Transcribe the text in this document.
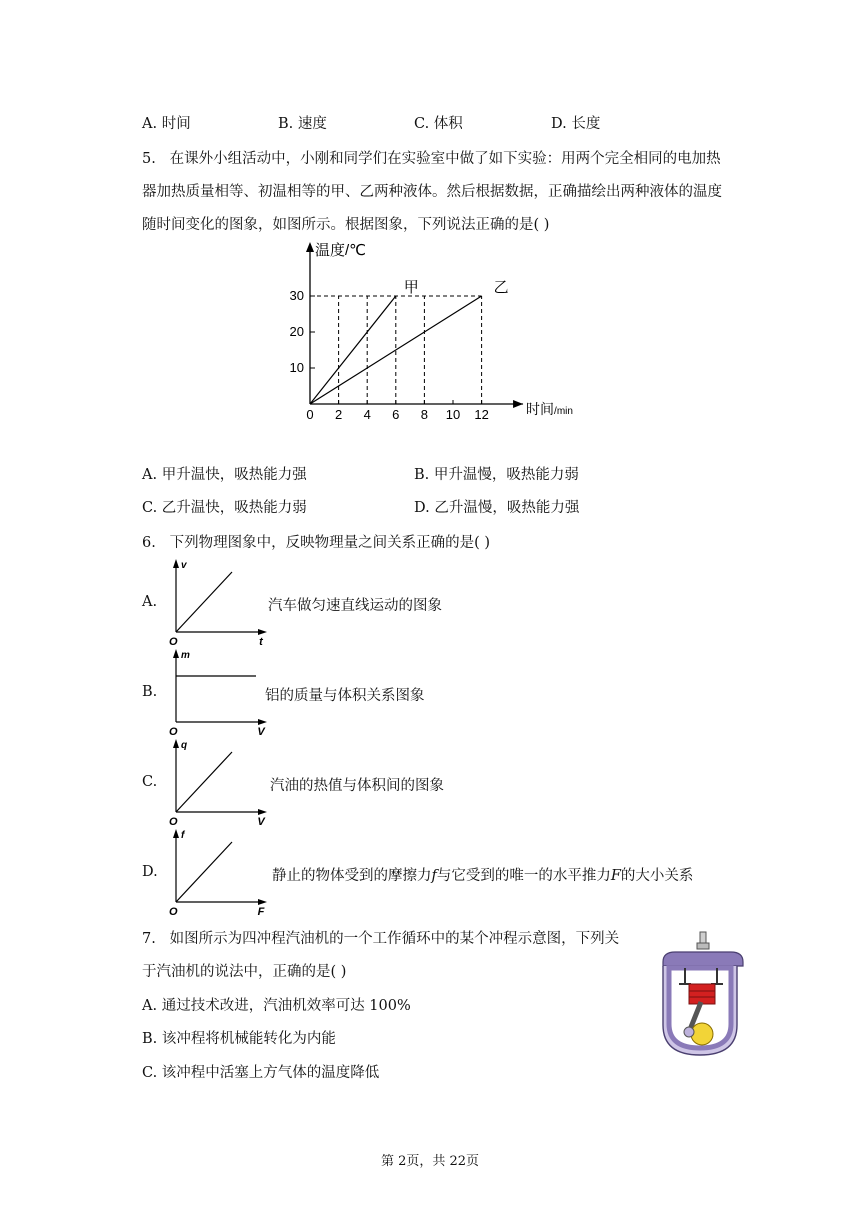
A. 时间	B. 速度	C. 体积	D. 长度
5. 在课外小组活动中，小刚和同学们在实验室中做了如下实验：用两个完全相同的电加热
器加热质量相等、初温相等的甲、乙两种液体。然后根据数据，正确描绘出两种液体的温度
随时间变化的图象，如图所示。根据图象，下列说法正确的是( )
0 2 4 6 8 10 12
10
20
30	甲	乙
温度/℃
时间 /min
A. 甲升温快，吸热能力强	B. 甲升温慢，吸热能力弱
C. 乙升温快，吸热能力弱	D. 乙升温慢，吸热能力强
6. 下列物理图象中，反映物理量之间关系正确的是( )
A.
v
t
O
汽车做匀速直线运动的图象
B.
m
V
O
铝的质量与体积关系图象
C.
q
V
O
汽油的热值与体积间的图象
D.
f
F
O
静止的物体受到的摩擦力𝑓与它受到的唯一的水平推力𝐹的大小关系
7. 如图所示为四冲程汽油机的一个工作循环中的某个冲程示意图，下列关
于汽油机的说法中，正确的是( )
A. 通过技术改进，汽油机效率可达 100%
B. 该冲程将机械能转化为内能
C. 该冲程中活塞上方气体的温度降低
第 2页，共 22页
